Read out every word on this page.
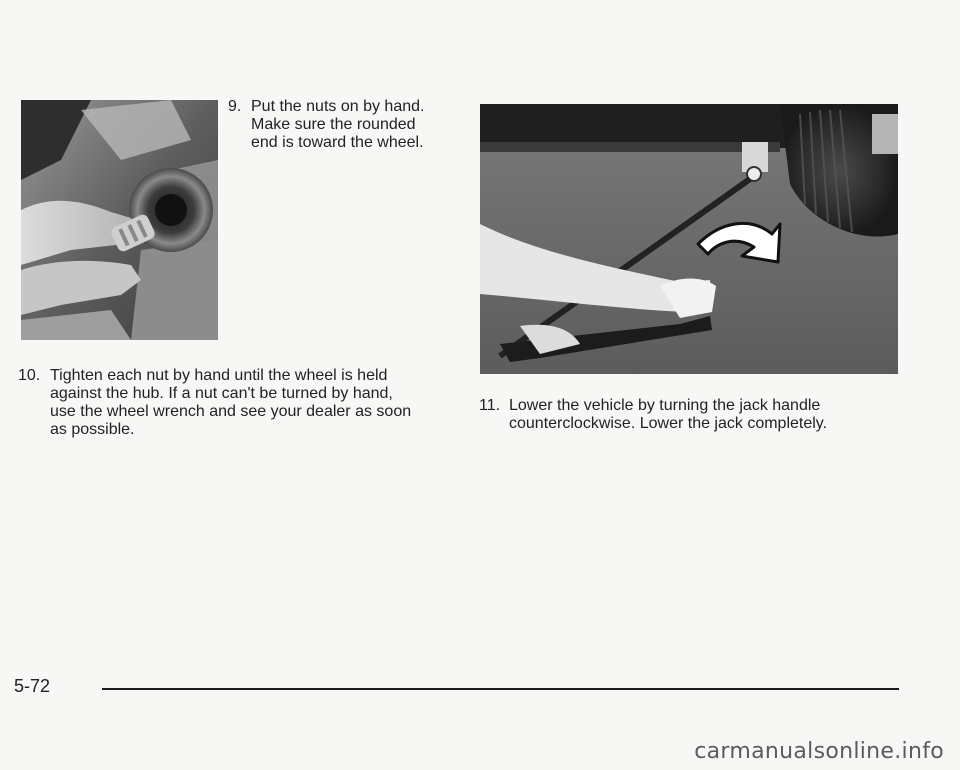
9. Put the nuts on by hand.
Make sure the rounded
end is toward the wheel.
10. Tighten each nut by hand until the wheel is held
against the hub. If a nut can't be turned by hand,
use the wheel wrench and see your dealer as soon
as possible.
11. Lower the vehicle by turning the jack handle
counterclockwise. Lower the jack completely.
5-72
carmanualsonline.info
